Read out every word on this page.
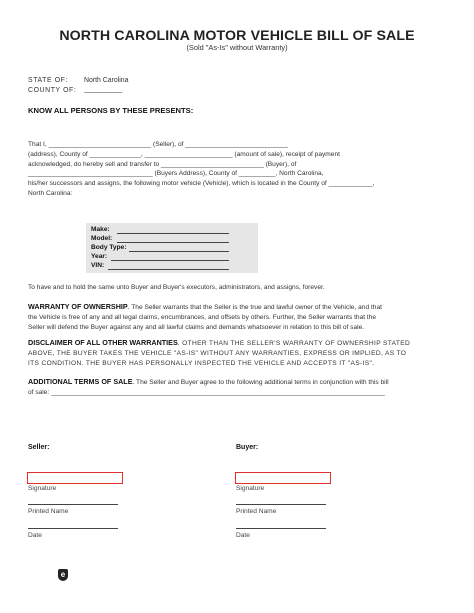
NORTH CAROLINA MOTOR VEHICLE BILL OF SALE
(Sold "As-Is" without Warranty)
STATE OF: North Carolina
COUNTY OF: __________
KNOW ALL PERSONS BY THESE PRESENTS:
That I, ____________________________ (Seller), of ____________________________
(address), County of ______________, ________________________ (amount of sale), receipt of payment
acknowledged, do hereby sell and transfer to ____________________________ (Buyer), of
__________________________________ (Buyers Address), County of __________, North Carolina,
his/her successors and assigns, the following motor vehicle (Vehicle), which is located in the County of ____________,
North Carolina:
Make:
Model:
Body Type:
Year:
VIN:
To have and to hold the same unto Buyer and Buyer's executors, administrators, and assigns, forever.
WARRANTY OF OWNERSHIP. The Seller warrants that the Seller is the true and lawful owner of the Vehicle, and that
the Vehicle is free of any and all legal claims, encumbrances, and offsets by others. Further, the Seller warrants that the
Seller will defend the Buyer against any and all lawful claims and demands whatsoever in relation to this bill of sale.
DISCLAIMER OF ALL OTHER WARRANTIES. OTHER THAN THE SELLER'S WARRANTY OF OWNERSHIP STATED
ABOVE, THE BUYER TAKES THE VEHICLE "AS-IS" WITHOUT ANY WARRANTIES, EXPRESS OR IMPLIED, AS TO
ITS CONDITION. THE BUYER HAS PERSONALLY INSPECTED THE VEHICLE AND ACCEPTS IT "AS-IS".
ADDITIONAL TERMS OF SALE. The Seller and Buyer agree to the following additional terms in conjunction with this bill
of sale: ___________________________________________________________________________________________
Seller:	Buyer:
Signature	Signature
Printed Name	Printed Name
Date	Date
e
